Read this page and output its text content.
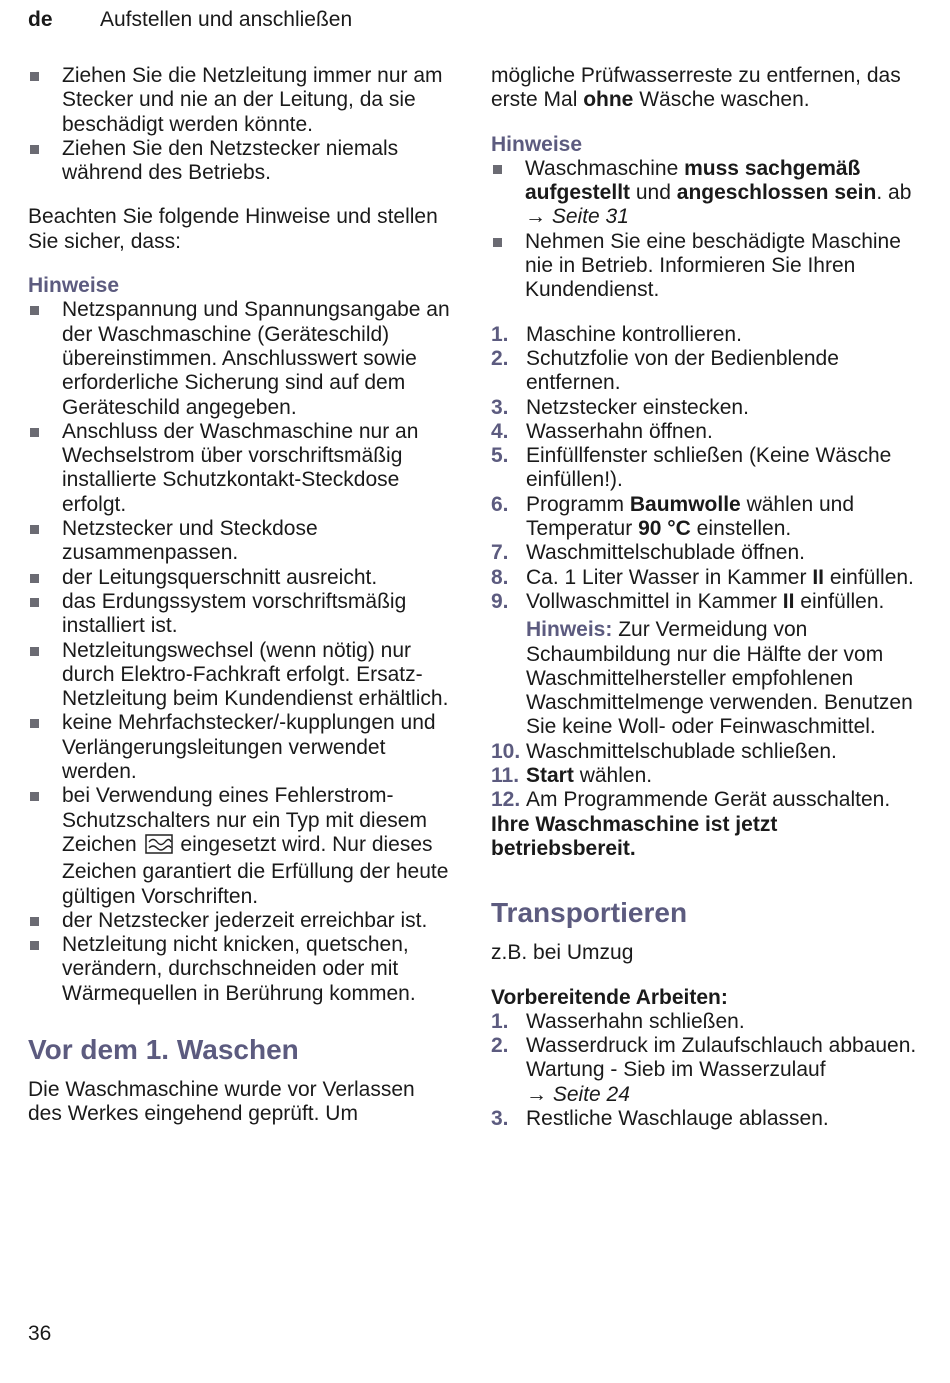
de Aufstellen und anschließen
Ziehen Sie die Netzleitung immer nur am Stecker und nie an der Leitung, da sie beschädigt werden könnte.
Ziehen Sie den Netzstecker niemals während des Betriebs.

Beachten Sie folgende Hinweise und stellen Sie sicher, dass:

Hinweise
Netzspannung und Spannungsangabe an der Waschmaschine (Geräteschild) übereinstimmen. Anschlusswert sowie erforderliche Sicherung sind auf dem Geräteschild angegeben.
Anschluss der Waschmaschine nur an Wechselstrom über vorschriftsmäßig installierte Schutzkontakt-Steckdose erfolgt.
Netzstecker und Steckdose zusammenpassen.
der Leitungsquerschnitt ausreicht.
das Erdungssystem vorschriftsmäßig installiert ist.
Netzleitungswechsel (wenn nötig) nur durch Elektro-Fachkraft erfolgt. Ersatz-Netzleitung beim Kundendienst erhältlich.
keine Mehrfachstecker/-kupplungen und Verlängerungsleitungen verwendet werden.
bei Verwendung eines Fehlerstrom-Schutzschalters nur ein Typ mit diesem Zeichen eingesetzt wird. Nur dieses Zeichen garantiert die Erfüllung der heute gültigen Vorschriften.
der Netzstecker jederzeit erreichbar ist.
Netzleitung nicht knicken, quetschen, verändern, durchschneiden oder mit Wärmequellen in Berührung kommen.
Vor dem 1. Waschen

Die Waschmaschine wurde vor Verlassen des Werkes eingehend geprüft. Um

mögliche Prüfwasserreste zu entfernen, das erste Mal ohne Wäsche waschen.

Hinweise
Waschmaschine muss sachgemäß aufgestellt und angeschlossen sein. ab → Seite 31
Nehmen Sie eine beschädigte Maschine nie in Betrieb. Informieren Sie Ihren Kundendienst.
1. Maschine kontrollieren.
2. Schutzfolie von der Bedienblende entfernen.
3. Netzstecker einstecken.
4. Wasserhahn öffnen.
5. Einfüllfenster schließen (Keine Wäsche einfüllen!).
6. Programm Baumwolle wählen und Temperatur 90 °C einstellen.
7. Waschmittelschublade öffnen.
8. Ca. 1 Liter Wasser in Kammer II einfüllen.
9. Vollwaschmittel in Kammer II einfüllen.
Hinweis: Zur Vermeidung von Schaumbildung nur die Hälfte der vom Waschmittelhersteller empfohlenen Waschmittelmenge verwenden. Benutzen Sie keine Woll- oder Feinwaschmittel.
10. Waschmittelschublade schließen.
11. Start wählen.
12. Am Programmende Gerät ausschalten.

Ihre Waschmaschine ist jetzt betriebsbereit.

Transportieren

z.B. bei Umzug

Vorbereitende Arbeiten:

1. Wasserhahn schließen.
2. Wasserdruck im Zulaufschlauch abbauen.
Wartung - Sieb im Wasserzulauf
→ Seite 24
3. Restliche Waschlauge ablassen.
36
